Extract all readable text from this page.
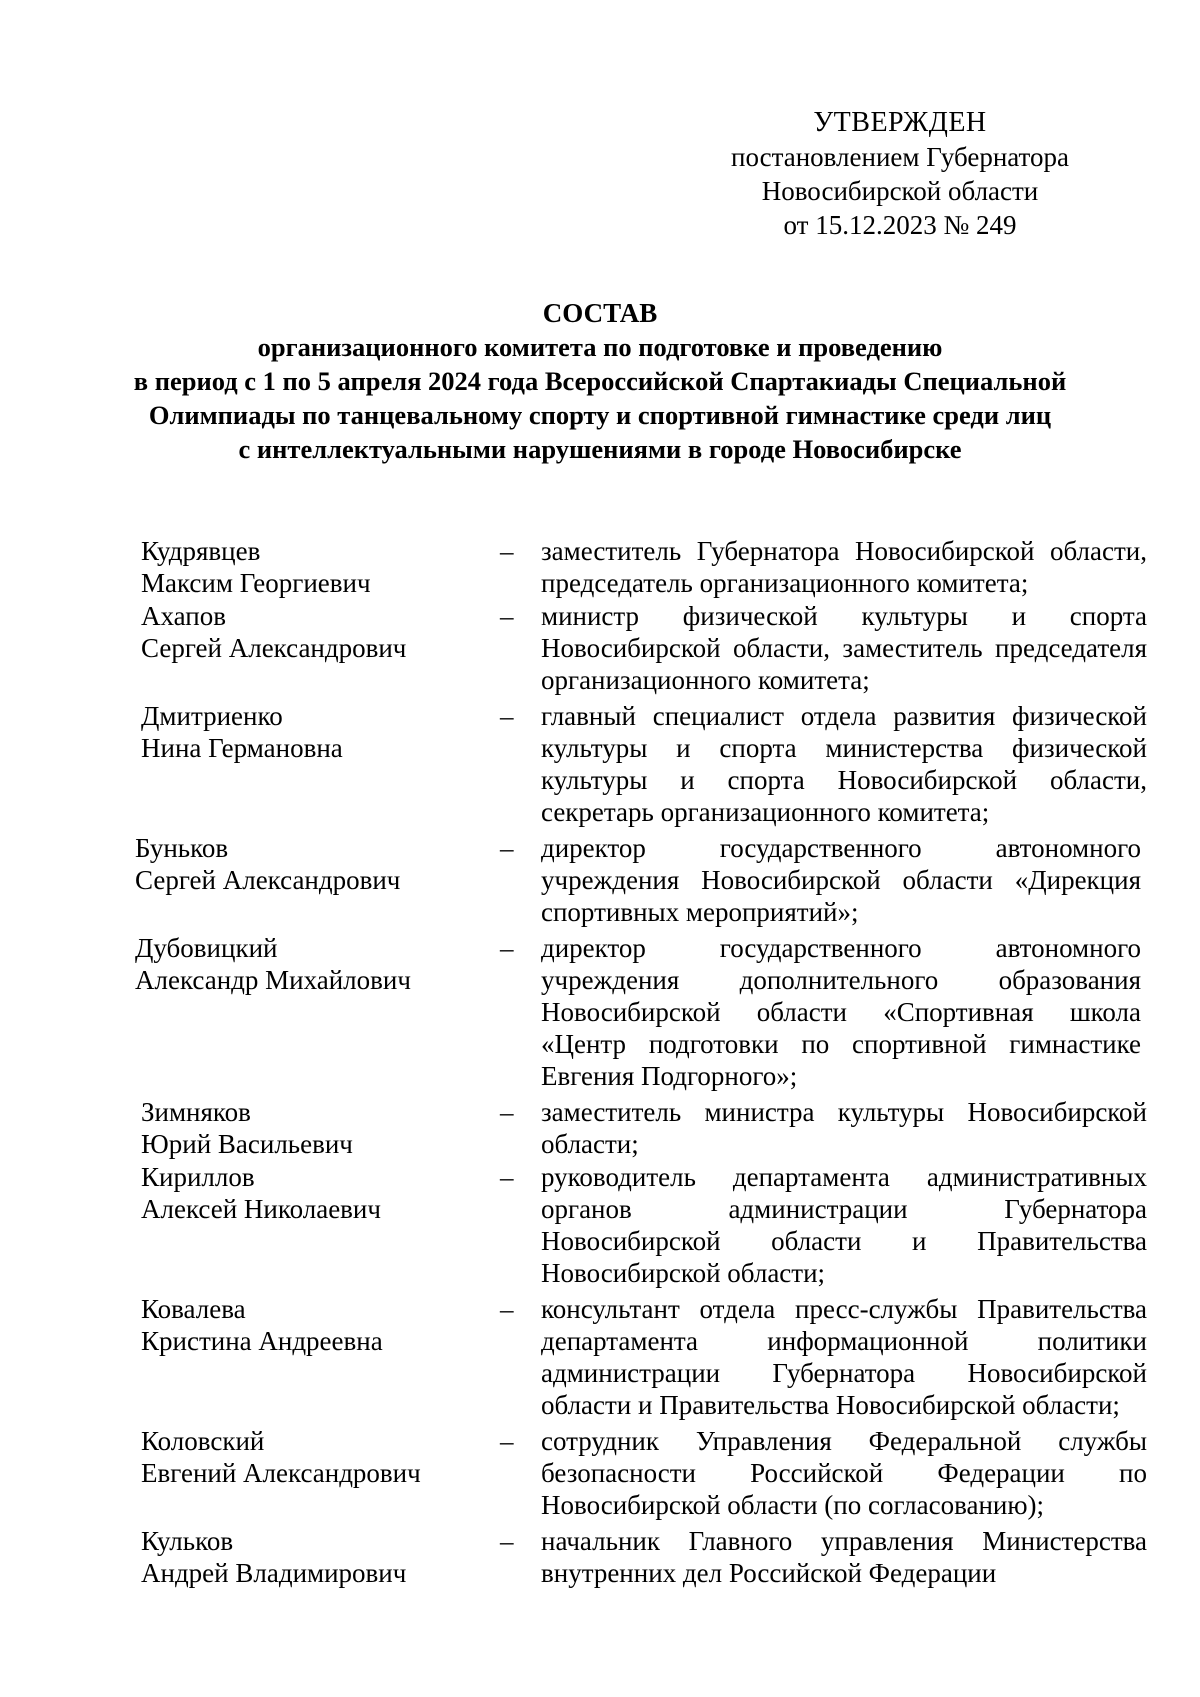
УТВЕРЖДЕН
постановлением Губернатора
Новосибирской области
от 15.12.2023 № 249
СОСТАВ
организационного комитета по подготовке и проведению
в период с 1 по 5 апреля 2024 года Всероссийской Спартакиады Специальной
Олимпиады по танцевальному спорту и спортивной гимнастике среди лиц
с интеллектуальными нарушениями в городе Новосибирске
Кудрявцев
Максим Георгиевич
– заместитель Губернатора Новосибирской области, председатель организационного комитета;
Ахапов
Сергей Александрович
– министр физической культуры и спорта Новосибирской области, заместитель председателя организационного комитета;
Дмитриенко
Нина Германовна
– главный специалист отдела развития физической культуры и спорта министерства физической культуры и спорта Новосибирской области, секретарь организационного комитета;
Буньков
Сергей Александрович
– директор государственного автономного учреждения Новосибирской области «Дирекция спортивных мероприятий»;
Дубовицкий
Александр Михайлович
– директор государственного автономного учреждения дополнительного образования Новосибирской области «Спортивная школа «Центр подготовки по спортивной гимнастике Евгения Подгорного»;
Зимняков
Юрий Васильевич
– заместитель министра культуры Новосибирской области;
Кириллов
Алексей Николаевич
– руководитель департамента административных органов администрации Губернатора Новосибирской области и Правительства Новосибирской области;
Ковалева
Кристина Андреевна
– консультант отдела пресс-службы Правительства департамента информационной политики администрации Губернатора Новосибирской области и Правительства Новосибирской области;
Коловский
Евгений Александрович
– сотрудник Управления Федеральной службы безопасности Российской Федерации по Новосибирской области (по согласованию);
Кульков
Андрей Владимирович
– начальник Главного управления Министерства внутренних дел Российской Федерации
